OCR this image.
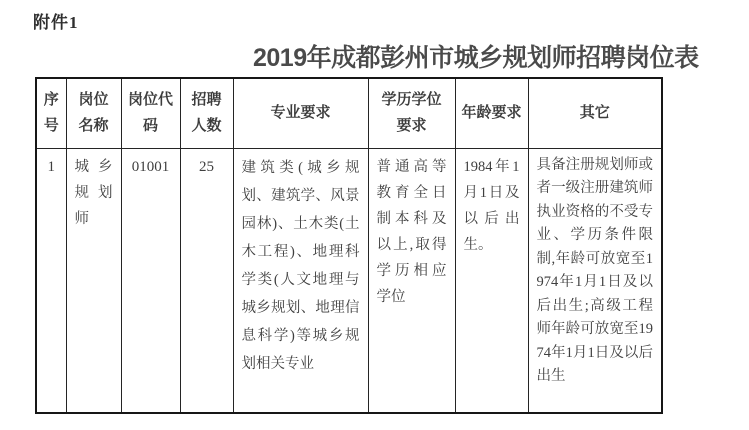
附件1
2019年成都彭州市城乡规划师招聘岗位表
序号	岗位名称	岗位代码	招聘人数	专业要求	学历学位要求	年龄要求	其它
1	城乡规划师	01001	25	建筑类(城乡规划、建筑学、风景园林)、土木类(土木工程)、地理科学类(人文地理与城乡规划、地理信息科学)等城乡规划相关专业	普通高等教育全日制本科及以上,取得学历相应学位	1984年1月1日及以后出生。	具备注册规划师或者一级注册建筑师执业资格的不受专业、学历条件限制,年龄可放宽至1974年1月1日及以后出生;高级工程师年龄可放宽至1974年1月1日及以后出生
